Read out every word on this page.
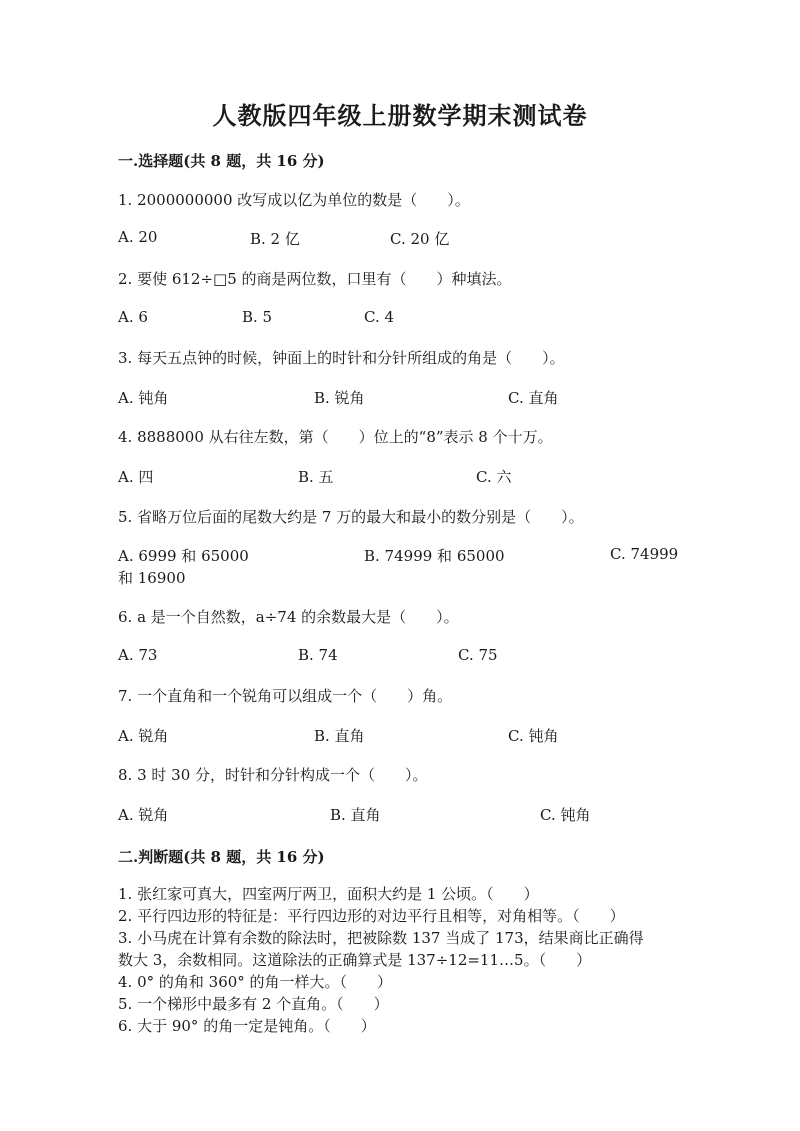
人教版四年级上册数学期末测试卷
一.选择题(共 8 题，共 16 分)
1. 2000000000 改写成以亿为单位的数是（　　）。
A. 20	B. 2 亿	C. 20 亿
2. 要使 612÷□5 的商是两位数，口里有（　　）种填法。
A. 6	B. 5	C. 4
3. 每天五点钟的时候，钟面上的时针和分针所组成的角是（　　）。
A. 钝角	B. 锐角	C. 直角
4. 8888000 从右往左数，第（　　）位上的“8”表示 8 个十万。
A. 四	B. 五	C. 六
5. 省略万位后面的尾数大约是 7 万的最大和最小的数分别是（　　）。
A. 6999 和 65000	B. 74999 和 65000	C. 74999
和 16900
6. a 是一个自然数，a÷74 的余数最大是（　　）。
A. 73	B. 74	C. 75
7. 一个直角和一个锐角可以组成一个（　　）角。
A. 锐角	B. 直角	C. 钝角
8. 3 时 30 分，时针和分针构成一个（　　）。
A. 锐角	B. 直角	C. 钝角
二.判断题(共 8 题，共 16 分)
1. 张红家可真大，四室两厅两卫，面积大约是 1 公顷。（　　）
2. 平行四边形的特征是：平行四边形的对边平行且相等，对角相等。（　　）
3. 小马虎在计算有余数的除法时，把被除数 137 当成了 173，结果商比正确得
数大 3，余数相同。这道除法的正确算式是 137÷12=11…5。（　　）
4. 0° 的角和 360° 的角一样大。（　　）
5. 一个梯形中最多有 2 个直角。（　　）
6. 大于 90° 的角一定是钝角。（　　）
